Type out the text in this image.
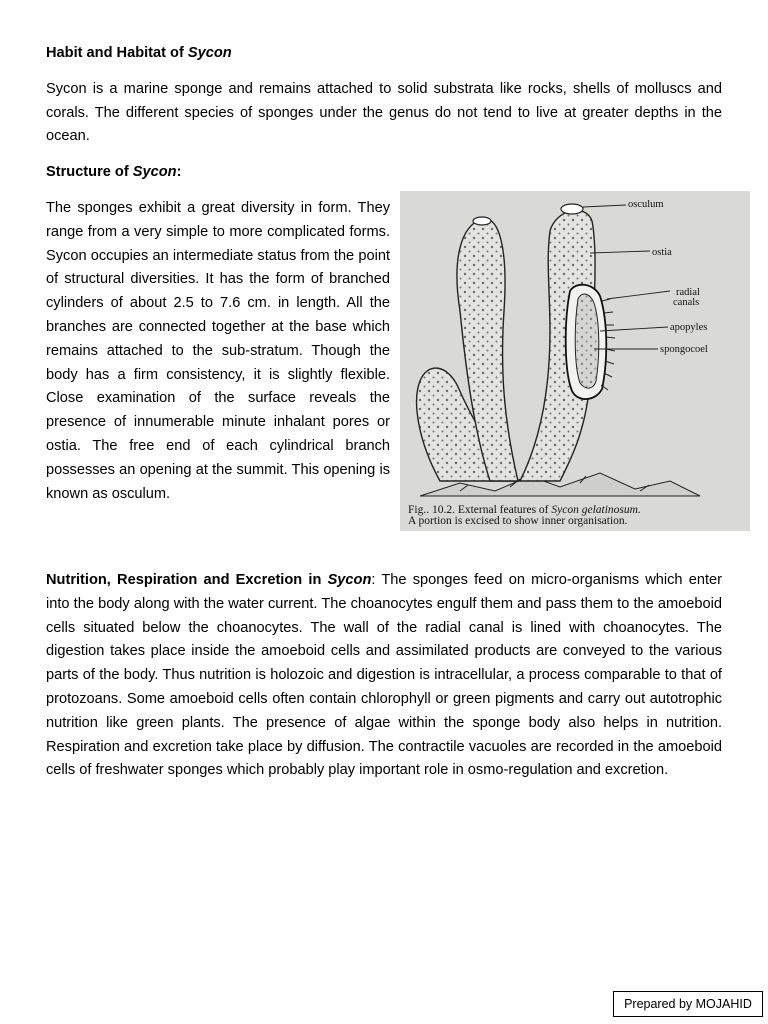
Habit and Habitat of Sycon

Sycon is a marine sponge and remains attached to solid substrata like rocks, shells of molluscs and corals. The different species of sponges under the genus do not tend to live at greater depths in the ocean.

Structure of Sycon:

The sponges exhibit a great diversity in form. They range from a very simple to more complicated forms. Sycon occupies an intermediate status from the point of structural diversities. It has the form of branched cylinders of about 2.5 to 7.6 cm. in length. All the branches are connected together at the base which remains attached to the sub-stratum. Though the body has a firm consistency, it is slightly flexible. Close examination of the surface reveals the presence of innumerable minute inhalant pores or ostia. The free end of each cylindrical branch possesses an opening at the summit. This opening is known as osculum.

osculum
ostia
radial
canals
apopyles
spongocoel
Fig.. 10.2. External features of Sycon gelatinosum.
A portion is excised to show inner organisation.

Nutrition, Respiration and Excretion in Sycon: The sponges feed on micro-organisms which enter into the body along with the water current. The choanocytes engulf them and pass them to the amoeboid cells situated below the choanocytes. The wall of the radial canal is lined with choanocytes. The digestion takes place inside the amoeboid cells and assimilated products are conveyed to the various parts of the body. Thus nutrition is holozoic and digestion is intracellular, a process comparable to that of protozoans. Some amoeboid cells often contain chlorophyll or green pigments and carry out autotrophic nutrition like green plants. The presence of algae within the sponge body also helps in nutrition. Respiration and excretion take place by diffusion. The contractile vacuoles are recorded in the amoeboid cells of freshwater sponges which probably play important role in osmo-regulation and excretion.

Prepared by MOJAHID
